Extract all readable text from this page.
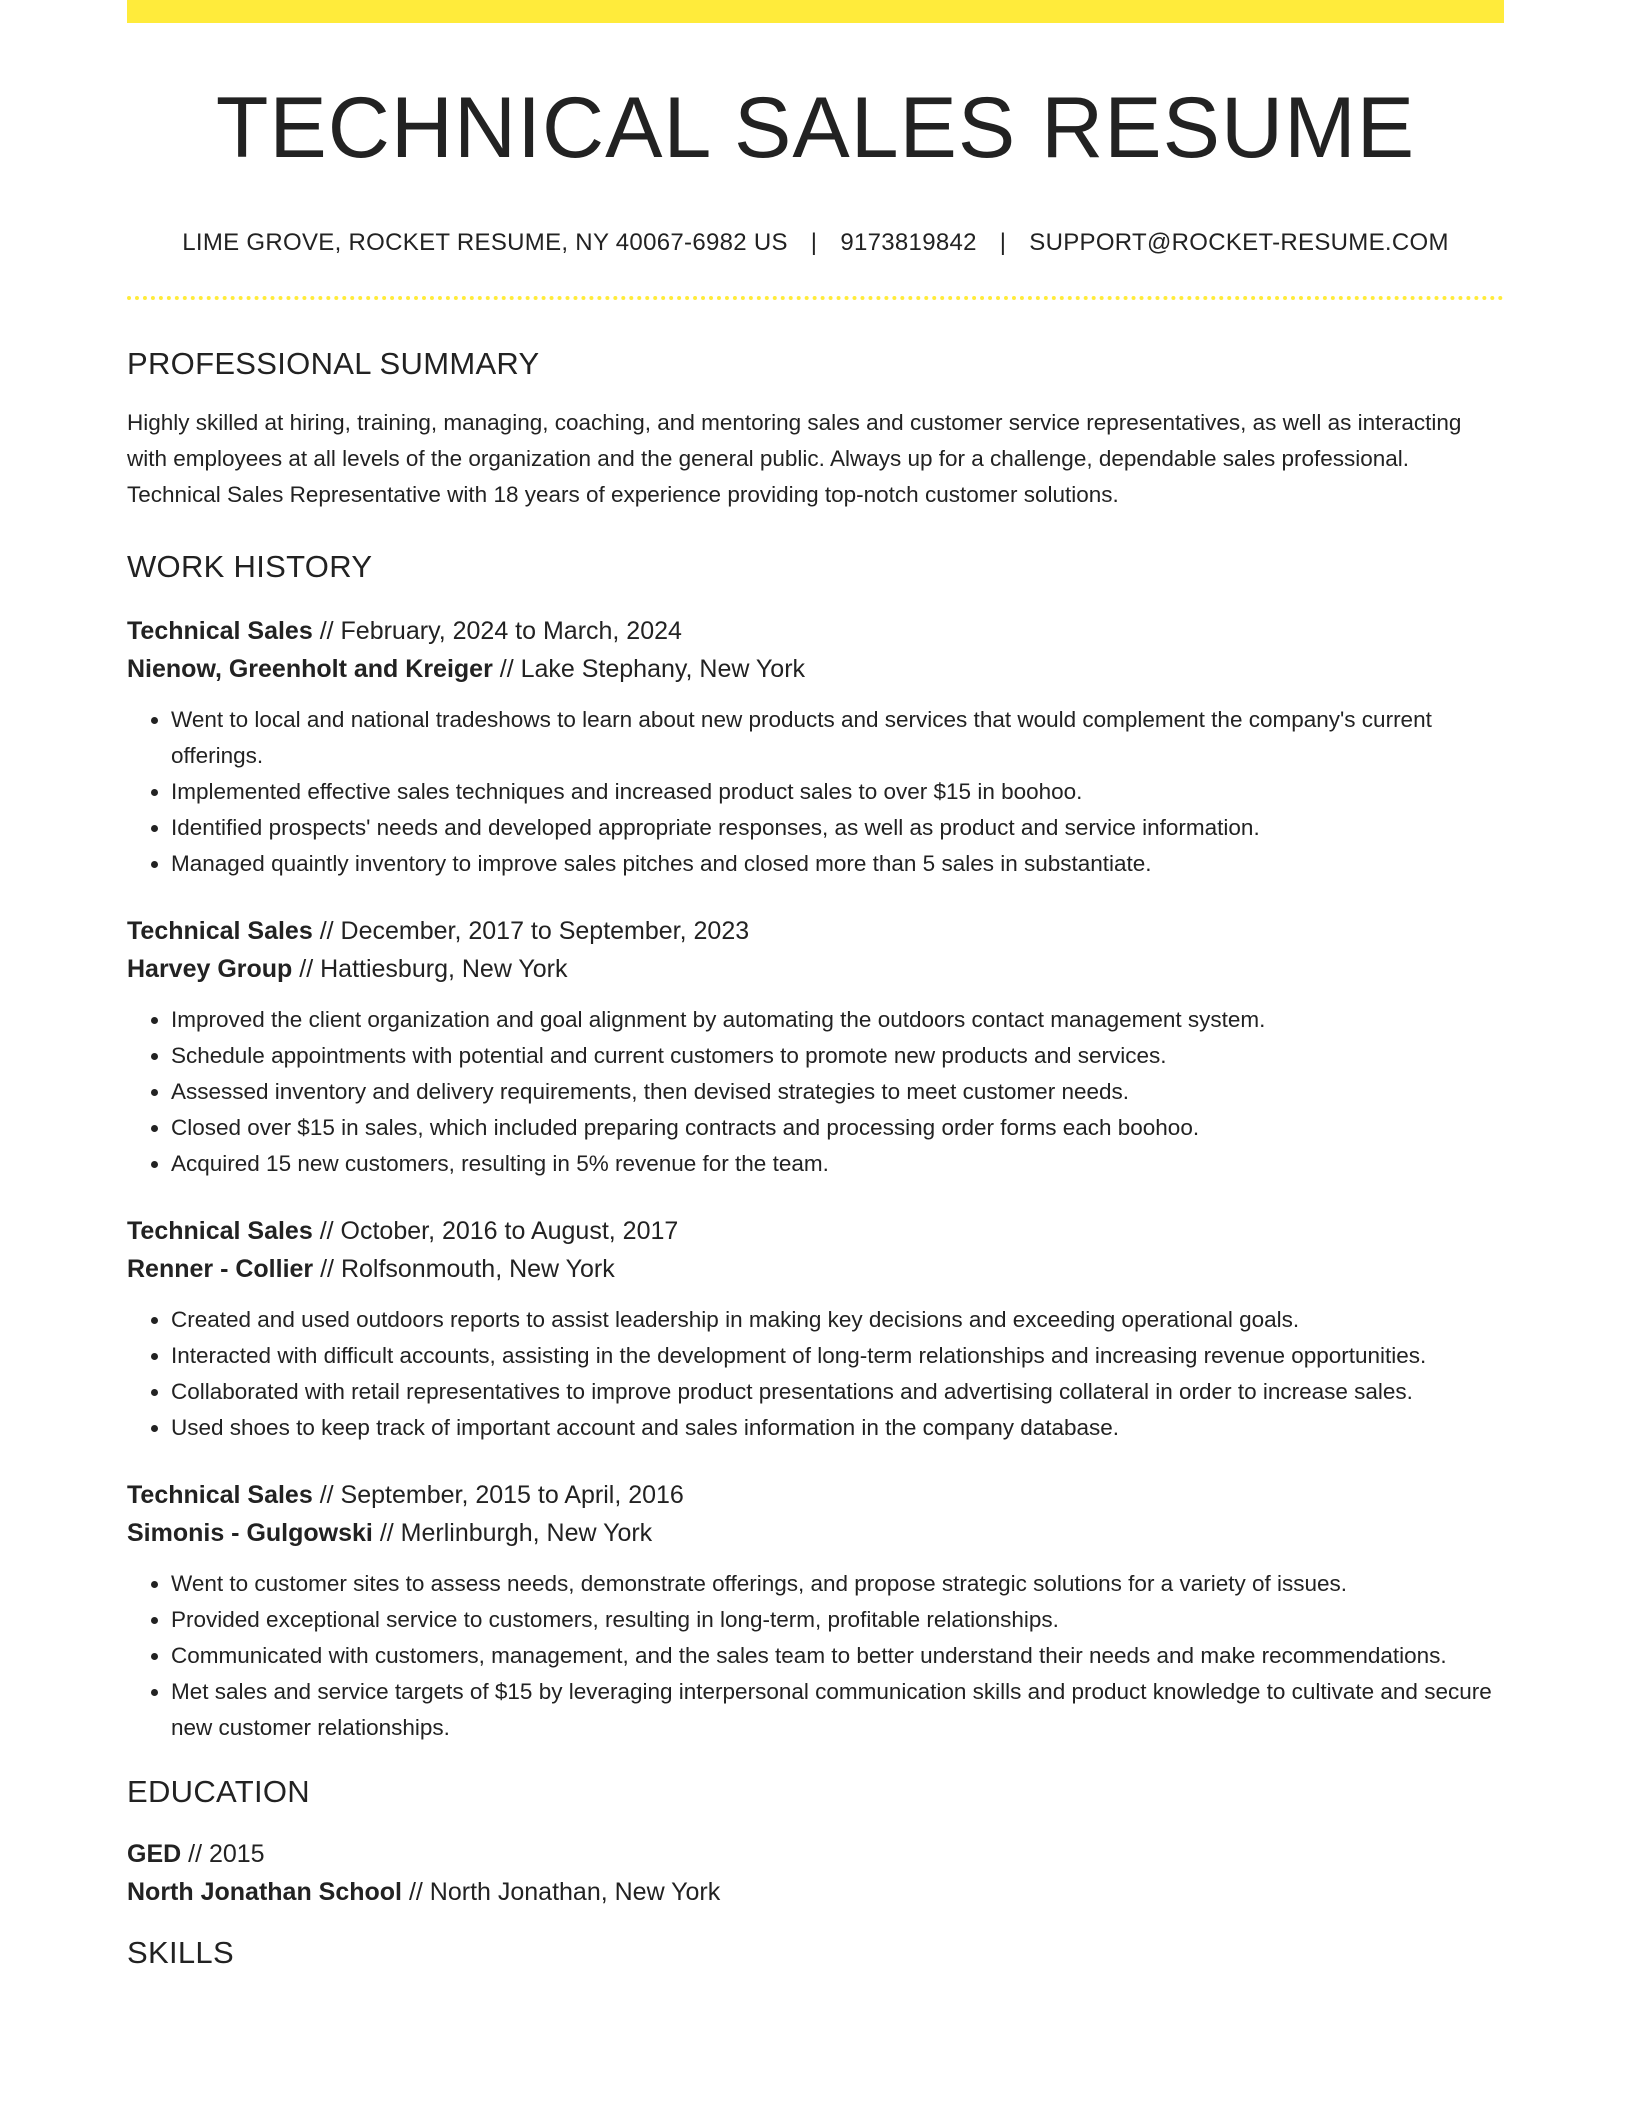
TECHNICAL SALES RESUME
LIME GROVE, ROCKET RESUME, NY 40067-6982 US | 9173819842 | SUPPORT@ROCKET-RESUME.COM
PROFESSIONAL SUMMARY

Highly skilled at hiring, training, managing, coaching, and mentoring sales and customer service representatives, as well as interacting with employees at all levels of the organization and the general public. Always up for a challenge, dependable sales professional. Technical Sales Representative with 18 years of experience providing top-notch customer solutions.

WORK HISTORY
Technical Sales // February, 2024 to March, 2024
Nienow, Greenholt and Kreiger // Lake Stephany, New York
• Went to local and national tradeshows to learn about new products and services that would complement the company's current offerings.
• Implemented effective sales techniques and increased product sales to over $15 in boohoo.
• Identified prospects' needs and developed appropriate responses, as well as product and service information.
• Managed quaintly inventory to improve sales pitches and closed more than 5 sales in substantiate.
Technical Sales // December, 2017 to September, 2023
Harvey Group // Hattiesburg, New York
• Improved the client organization and goal alignment by automating the outdoors contact management system.
• Schedule appointments with potential and current customers to promote new products and services.
• Assessed inventory and delivery requirements, then devised strategies to meet customer needs.
• Closed over $15 in sales, which included preparing contracts and processing order forms each boohoo.
• Acquired 15 new customers, resulting in 5% revenue for the team.
Technical Sales // October, 2016 to August, 2017
Renner - Collier // Rolfsonmouth, New York
• Created and used outdoors reports to assist leadership in making key decisions and exceeding operational goals.
• Interacted with difficult accounts, assisting in the development of long-term relationships and increasing revenue opportunities.
• Collaborated with retail representatives to improve product presentations and advertising collateral in order to increase sales.
• Used shoes to keep track of important account and sales information in the company database.
Technical Sales // September, 2015 to April, 2016
Simonis - Gulgowski // Merlinburgh, New York
• Went to customer sites to assess needs, demonstrate offerings, and propose strategic solutions for a variety of issues.
• Provided exceptional service to customers, resulting in long-term, profitable relationships.
• Communicated with customers, management, and the sales team to better understand their needs and make recommendations.
• Met sales and service targets of $15 by leveraging interpersonal communication skills and product knowledge to cultivate and secure new customer relationships.
EDUCATION
GED // 2015
North Jonathan School // North Jonathan, New York
SKILLS
